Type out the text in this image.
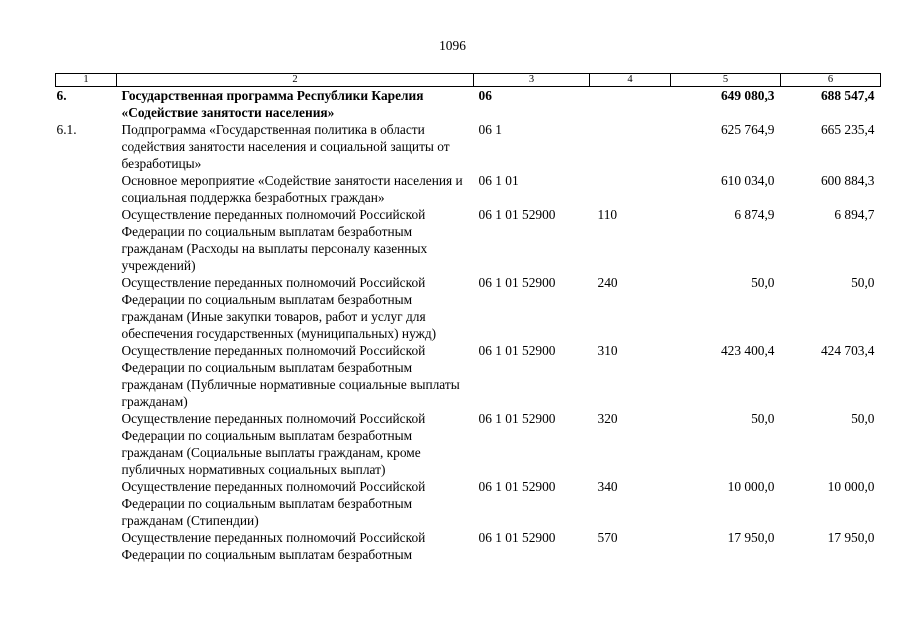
1096
1	2	3	4	5	6
6.	Государственная программа Республики Карелия «Содействие занятости населения»	06		649 080,3	688 547,4
6.1.	Подпрограмма «Государственная политика в области содействия занятости населения и социальной защиты от безработицы»	06 1		625 764,9	665 235,4
	Основное мероприятие «Содействие занятости населения и социальная поддержка безработных граждан»	06 1 01		610 034,0	600 884,3
	Осуществление переданных полномочий Российской Федерации по социальным выплатам безработным гражданам (Расходы на выплаты персоналу казенных учреждений)	06 1 01 52900	110	6 874,9	6 894,7
	Осуществление переданных полномочий Российской Федерации по социальным выплатам безработным гражданам (Иные закупки товаров, работ и услуг для обеспечения государственных (муниципальных) нужд)	06 1 01 52900	240	50,0	50,0
	Осуществление переданных полномочий Российской Федерации по социальным выплатам безработным гражданам (Публичные нормативные социальные выплаты гражданам)	06 1 01 52900	310	423 400,4	424 703,4
	Осуществление переданных полномочий Российской Федерации по социальным выплатам безработным гражданам (Социальные выплаты гражданам, кроме публичных нормативных социальных выплат)	06 1 01 52900	320	50,0	50,0
	Осуществление переданных полномочий Российской Федерации по социальным выплатам безработным гражданам (Стипендии)	06 1 01 52900	340	10 000,0	10 000,0
	Осуществление переданных полномочий Российской Федерации по социальным выплатам безработным	06 1 01 52900	570	17 950,0	17 950,0
